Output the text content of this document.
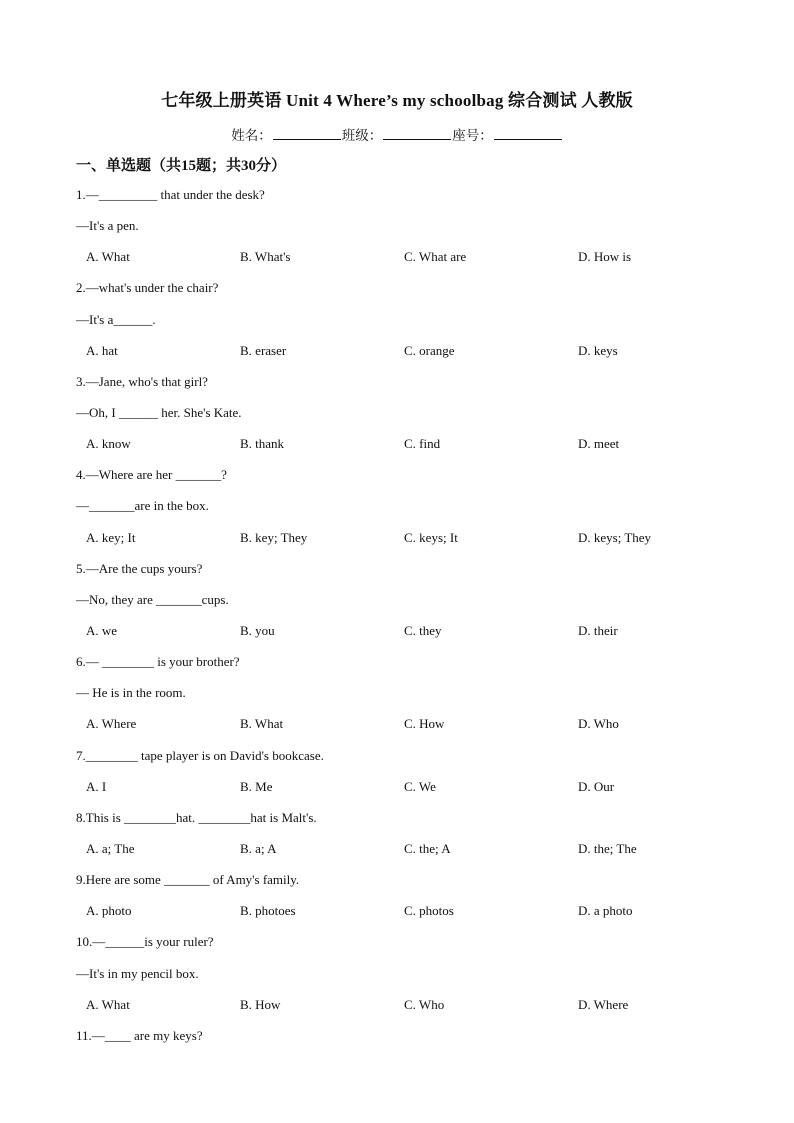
七年级上册英语 Unit 4 Where’s my schoolbag 综合测试 人教版
姓名：	班级：	座号：
一、单选题（共15题；共30分）
1.—_________ that under the desk?
—It's a pen.
A. What	B. What's	C. What are	D. How is
2.—what's under the chair?
—It's a______.
A. hat	B. eraser	C. orange	D. keys
3.—Jane, who's that girl?
—Oh, I ______ her. She's Kate.
A. know	B. thank	C. find	D. meet
4.—Where are her _______?
—_______are in the box.
A. key; It	B. key; They	C. keys; It	D. keys; They
5.—Are the cups yours?
—No, they are _______cups.
A. we	B. you	C. they	D. their
6.— ________ is your brother?
— He is in the room.
A. Where	B. What	C. How	D. Who
7.________ tape player is on David's bookcase.
A. I	B. Me	C. We	D. Our
8.This is ________hat. ________hat is Malt's.
A. a; The	B. a; A	C. the; A	D. the; The
9.Here are some _______ of Amy's family.
A. photo	B. photoes	C. photos	D. a photo
10.—______is your ruler?
—It's in my pencil box.
A. What	B. How	C. Who	D. Where
11.—____ are my keys?
